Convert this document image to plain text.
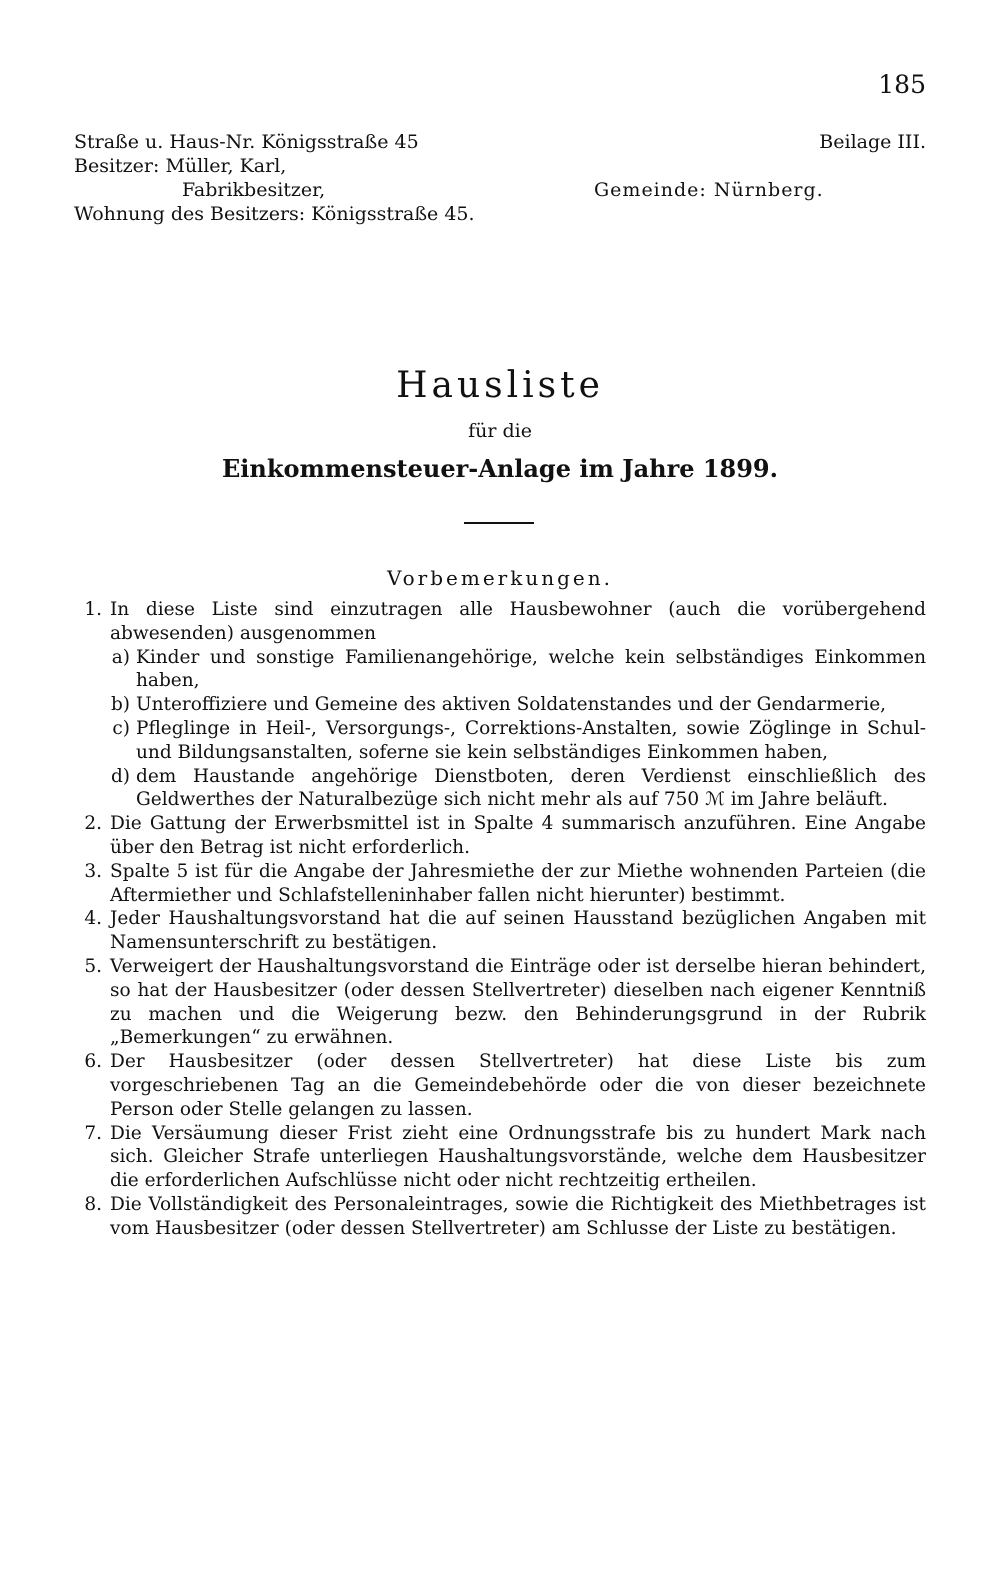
185
Straße u. Haus-Nr. Königsstraße 45
Besitzer: Müller, Karl,
Fabrikbesitzer,
Wohnung des Besitzers: Königsstraße 45.
Beilage III.
Gemeinde: Nürnberg.
Hausliste
für die
Einkommensteuer-Anlage im Jahre 1899.
Vorbemerkungen.
1. In diese Liste sind einzutragen alle Hausbewohner (auch die vorübergehend abwesenden) ausgenommen
a) Kinder und sonstige Familienangehörige, welche kein selbständiges Einkommen haben,
b) Unteroffiziere und Gemeine des aktiven Soldatenstandes und der Gendarmerie,
c) Pfleglinge in Heil-, Versorgungs-, Correktions-Anstalten, sowie Zöglinge in Schul- und Bildungsanstalten, soferne sie kein selbständiges Einkommen haben,
d) dem Haustande angehörige Dienstboten, deren Verdienst einschließlich des Geldwerthes der Naturalbezüge sich nicht mehr als auf 750 ℳ im Jahre beläuft.
2. Die Gattung der Erwerbsmittel ist in Spalte 4 summarisch anzuführen. Eine Angabe über den Betrag ist nicht erforderlich.
3. Spalte 5 ist für die Angabe der Jahresmiethe der zur Miethe wohnenden Parteien (die Aftermiether und Schlafstelleninhaber fallen nicht hierunter) bestimmt.
4. Jeder Haushaltungsvorstand hat die auf seinen Hausstand bezüglichen Angaben mit Namensunterschrift zu bestätigen.
5. Verweigert der Haushaltungsvorstand die Einträge oder ist derselbe hieran behindert, so hat der Hausbesitzer (oder dessen Stellvertreter) dieselben nach eigener Kenntniß zu machen und die Weigerung bezw. den Behinderungsgrund in der Rubrik „Bemerkungen“ zu erwähnen.
6. Der Hausbesitzer (oder dessen Stellvertreter) hat diese Liste bis zum vorgeschriebenen Tag an die Gemeindebehörde oder die von dieser bezeichnete Person oder Stelle gelangen zu lassen.
7. Die Versäumung dieser Frist zieht eine Ordnungsstrafe bis zu hundert Mark nach sich. Gleicher Strafe unterliegen Haushaltungsvorstände, welche dem Hausbesitzer die erforderlichen Aufschlüsse nicht oder nicht rechtzeitig ertheilen.
8. Die Vollständigkeit des Personaleintrages, sowie die Richtigkeit des Miethbetrages ist vom Hausbesitzer (oder dessen Stellvertreter) am Schlusse der Liste zu bestätigen.
